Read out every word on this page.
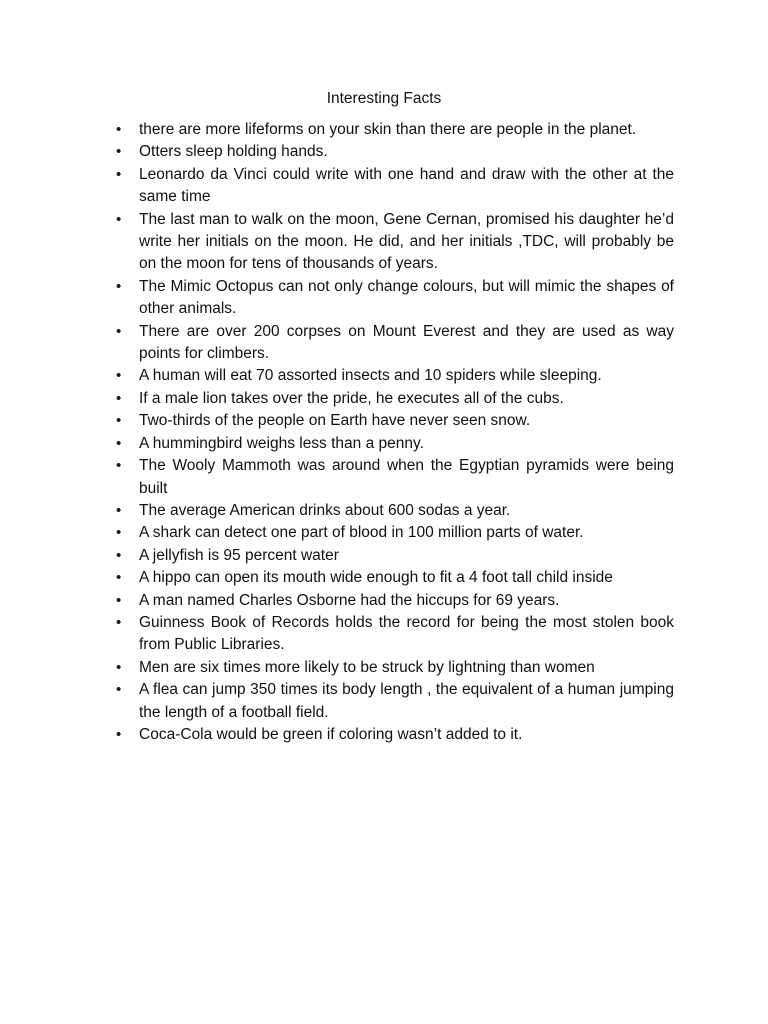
Interesting Facts
• there are more lifeforms on your skin than there are people in the planet.
• Otters sleep holding hands.
• Leonardo da Vinci could write with one hand and draw with the other at the same time
• The last man to walk on the moon, Gene Cernan, promised his daughter he’d write her initials on the moon. He did, and her initials ,TDC, will probably be on the moon for tens of thousands of years.
• The Mimic Octopus can not only change colours, but will mimic the shapes of other animals.
• There are over 200 corpses on Mount Everest and they are used as way points for climbers.
• A human will eat 70 assorted insects and 10 spiders while sleeping.
• If a male lion takes over the pride, he executes all of the cubs.
• Two-thirds of the people on Earth have never seen snow.
• A hummingbird weighs less than a penny.
• The Wooly Mammoth was around when the Egyptian pyramids were being built
• The average American drinks about 600 sodas a year.
• A shark can detect one part of blood in 100 million parts of water.
• A jellyfish is 95 percent water
• A hippo can open its mouth wide enough to fit a 4 foot tall child inside
• A man named Charles Osborne had the hiccups for 69 years.
• Guinness Book of Records holds the record for being the most stolen book from Public Libraries.
• Men are six times more likely to be struck by lightning than women
• A flea can jump 350 times its body length , the equivalent of a human jumping the length of a football field.
• Coca-Cola would be green if coloring wasn’t added to it.
